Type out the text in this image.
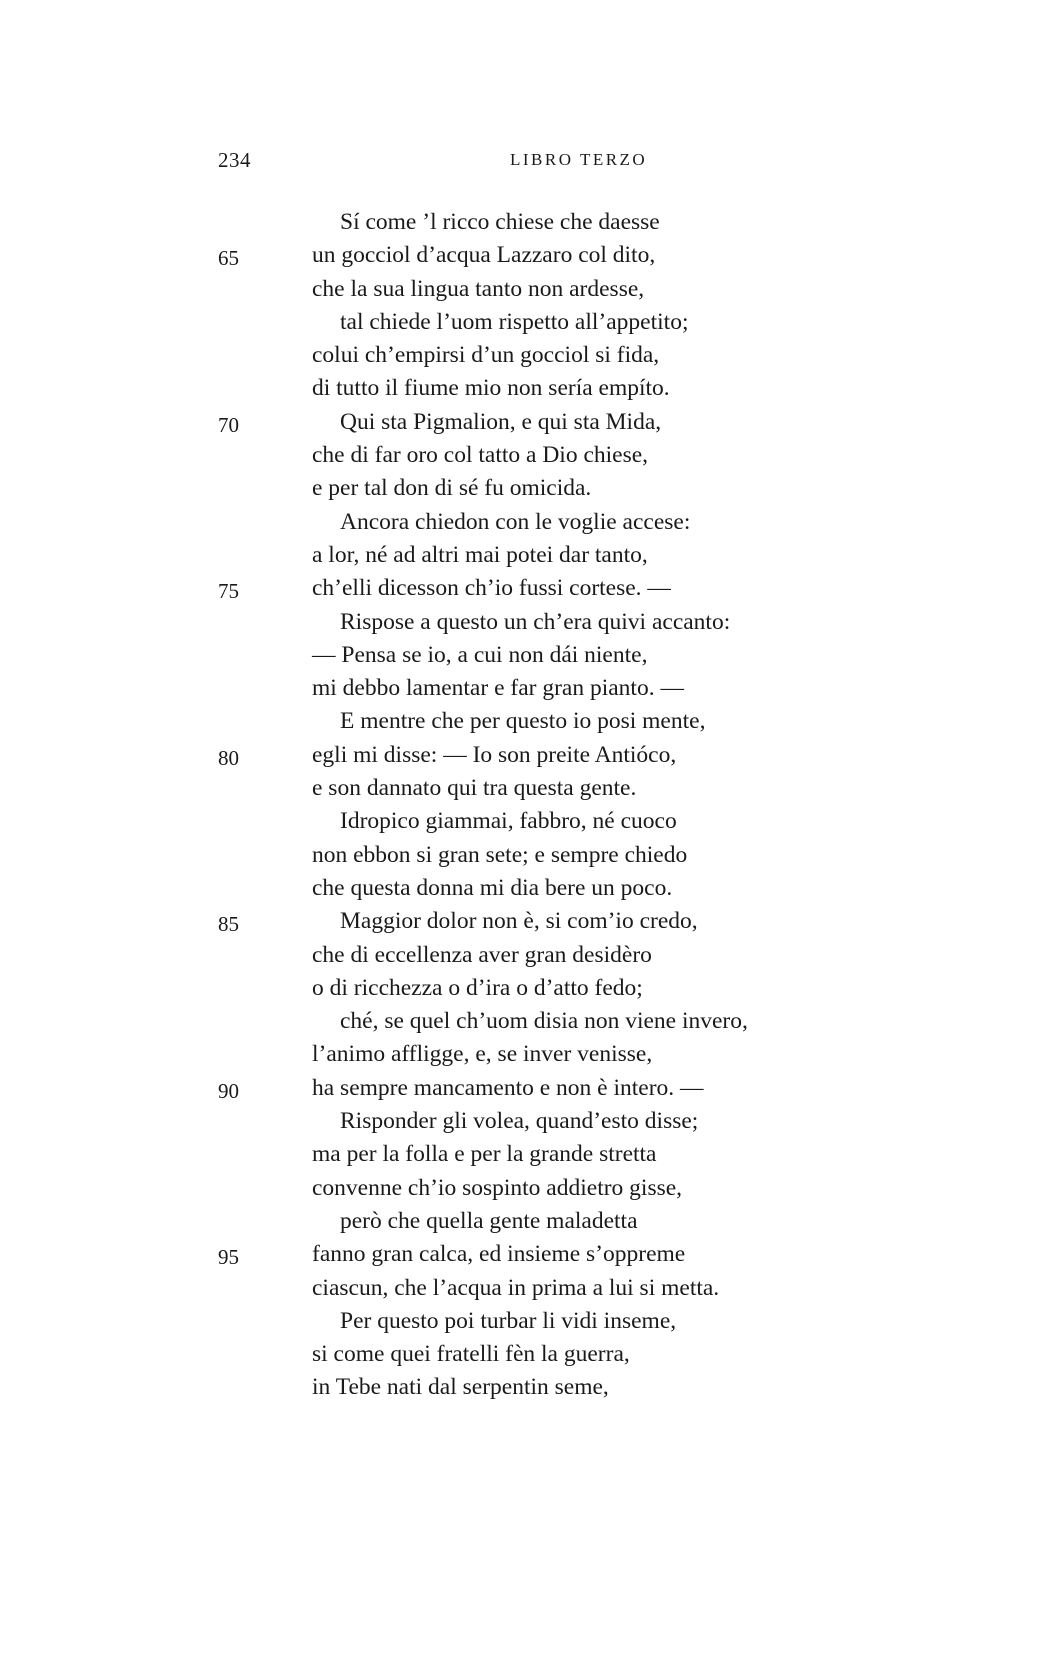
234	LIBRO TERZO
Sí come ’l ricco chiese che daesse
65	un gocciol d’acqua Lazzaro col dito,
che la sua lingua tanto non ardesse,
tal chiede l’uom rispetto all’appetito;
colui ch’empirsi d’un gocciol si fida,
di tutto il fiume mio non sería empíto.
70	Qui sta Pigmalion, e qui sta Mida,
che di far oro col tatto a Dio chiese,
e per tal don di sé fu omicida.
Ancora chiedon con le voglie accese:
a lor, né ad altri mai potei dar tanto,
75	ch’elli dicesson ch’io fussi cortese. —
Rispose a questo un ch’era quivi accanto:
— Pensa se io, a cui non dái niente,
mi debbo lamentar e far gran pianto. —
E mentre che per questo io posi mente,
80	egli mi disse: — Io son preite Antióco,
e son dannato qui tra questa gente.
Idropico giammai, fabbro, né cuoco
non ebbon si gran sete; e sempre chiedo
che questa donna mi dia bere un poco.
85	Maggior dolor non è, si com’io credo,
che di eccellenza aver gran desidèro
o di ricchezza o d’ira o d’atto fedo;
ché, se quel ch’uom disia non viene invero,
l’animo affligge, e, se inver venisse,
90	ha sempre mancamento e non è intero. —
Risponder gli volea, quand’esto disse;
ma per la folla e per la grande stretta
convenne ch’io sospinto addietro gisse,
però che quella gente maladetta
95	fanno gran calca, ed insieme s’oppreme
ciascun, che l’acqua in prima a lui si metta.
Per questo poi turbar li vidi inseme,
si come quei fratelli fèn la guerra,
in Tebe nati dal serpentin seme,
